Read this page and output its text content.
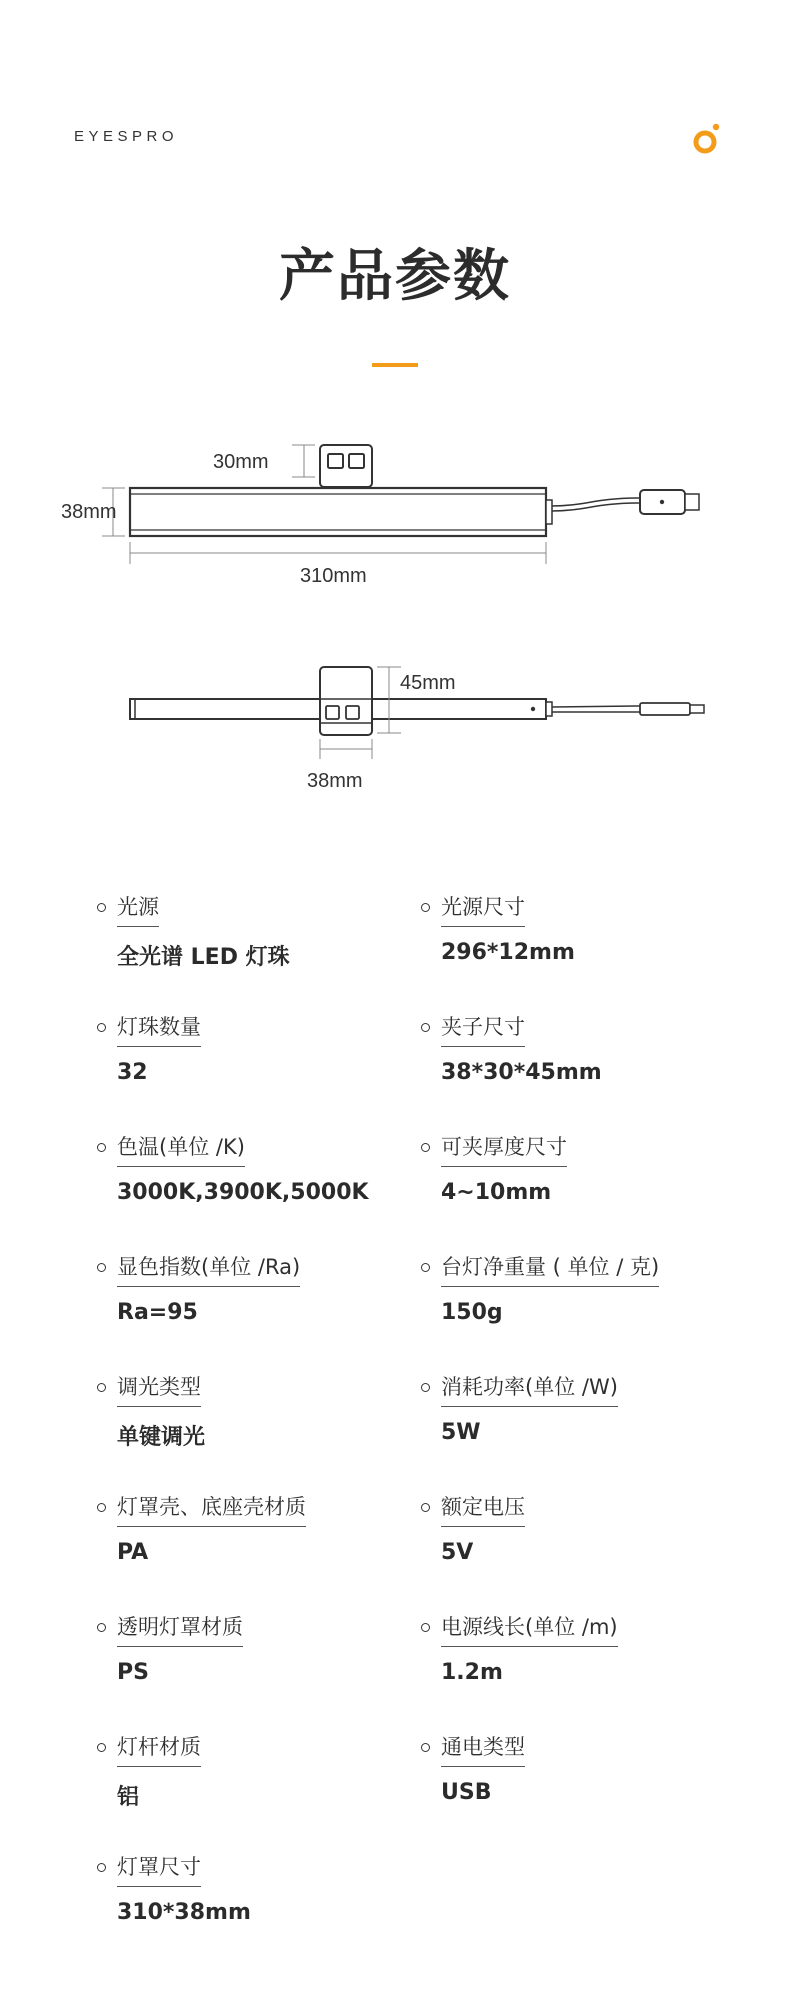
EYESPRO
产品参数
30mm
38mm
310mm
45mm
38mm
光源
全光谱 LED 灯珠
光源尺寸
296*12mm
灯珠数量
32
夹子尺寸
38*30*45mm
色温(单位 /K)
3000K,3900K,5000K
可夹厚度尺寸
4~10mm
显色指数(单位 /Ra)
Ra=95
台灯净重量 ( 单位 / 克)
150g
调光类型
单键调光
消耗功率(单位 /W)
5W
灯罩壳、底座壳材质
PA
额定电压
5V
透明灯罩材质
PS
电源线长(单位 /m)
1.2m
灯杆材质
铝
通电类型
USB
灯罩尺寸
310*38mm
